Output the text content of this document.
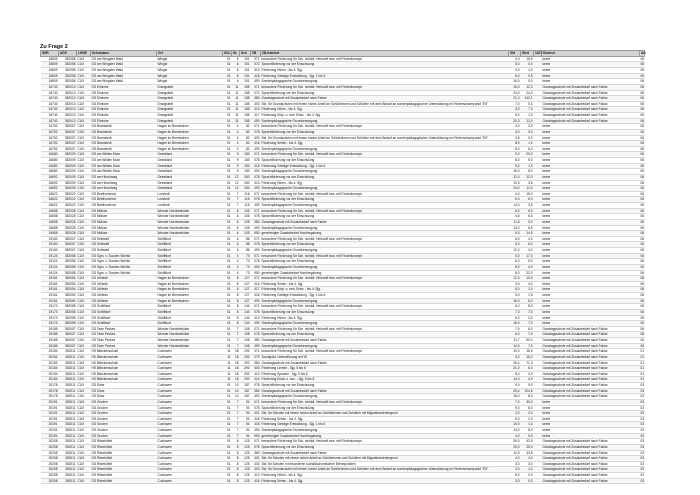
Zu Frage 2
SNR	AGS	LKNR	Schulname	Ort	SGL	KL	Sch	ZB	ZB-Klartext	Std	Wert	1427	Klartext	Art
16809	352058	CUX	GS am Wingster Wald	Wingst	01	6	151	071	besondere Förderung für Sch. nichtdt. Herkunft bzw. mit Förderkonzept	4,0	15,5		keine	06
16809	352058	CUX	GS am Wingster Wald	Wingst	01	6	151	072	Sprachförderung vor der Einschulung	5,0	0,0		keine	06
16809	352058	CUX	GS am Wingster Wald	Wingst	01	6	151	413	Förderung Hören - bis 4. Sjg.	3,0	1,0		keine	06
16809	352058	CUX	GS am Wingster Wald	Wingst	01	6	151	418	Förderung Geistige Entwicklung - Sjg. 1 bis 6	5,0	0,5		keine	06
16809	352058	CUX	GS am Wingster Wald	Wingst	01	6	151	490	Sonderpädagogische Grundversorgung	16,0	0,0		keine	06
16740	352013	CUX	GS Elmlohe	Drangstedt	01	11	185	071	besondere Förderung für Sch. nichtdt. Herkunft bzw. mit Förderkonzept	15,0	12,3		Ganztagsschule mit Zusatzbedarf nach Faktor	06
16740	352013	CUX	GS Elmlohe	Drangstedt	01	11	185	072	Sprachförderung vor der Einschulung	24,0	24,0		Ganztagsschule mit Zusatzbedarf nach Faktor	06
16740	352013	CUX	GS Elmlohe	Drangstedt	01	11	185	380	Ganztagsschule mit Zusatzbedarf nach Faktor	21,0	142,1		Ganztagsschule mit Zusatzbedarf nach Faktor	06
16740	352013	CUX	GS Elmlohe	Drangstedt	01	11	185	403	Std. für Grundschulen mit einem hohen Anteil an Schülerinnen und Schülern mit dem Bedarf an sonderpädagogischer Unterstützung im Förderschwerpunkt "ES"	7,0	0,3		Ganztagsschule mit Zusatzbedarf nach Faktor	06
16740	352013	CUX	GS Elmlohe	Drangstedt	01	11	185	413	Förderung Hören - bis 4. Sjg.	3,0	7,3		Ganztagsschule mit Zusatzbedarf nach Faktor	06
16740	352013	CUX	GS Elmlohe	Drangstedt	01	11	185	417	Förderung Körp. u. mot. Entw. - bis 4. Sjg.	5,0	1,0		Ganztagsschule mit Zusatzbedarf nach Faktor	06
16740	352013	CUX	GS Elmlohe	Drangstedt	01	11	185	490	Sonderpädagogische Grundversorgung	32,0	11,0		Ganztagsschule mit Zusatzbedarf nach Faktor	06
16752	352007	CUX	GS Bramstedt	Hagen im Bremischen	01	4	82	071	besondere Förderung für Sch. nichtdt. Herkunft bzw. mit Förderkonzept	3,0	3,3		keine	06
16752	352007	CUX	GS Bramstedt	Hagen im Bremischen	01	4	82	078	Sprachförderung vor der Einschulung	3,0	3,0		keine	06
16752	352007	CUX	GS Bramstedt	Hagen im Bremischen	01	4	82	403	Std. für Grundschulen mit einem hohen Anteil an Schülerinnen und Schülern mit dem Bedarf an sonderpädagogischer Unterstützung im Förderschwerpunkt "ES"	4,5	0,0		keine	06
16752	352007	CUX	GS Bramstedt	Hagen im Bremischen	01	4	82	416	Förderung Sehen - bis 4. Sjg.	8,0	1,2		keine	06
16752	352007	CUX	GS Bramstedt	Hagen im Bremischen	01	4	82	490	Sonderpädagogische Grundversorgung	8,0	6,3		keine	06
16680	352009	CUX	GS am Wilden Moor	Geestland	01	9	183	071	besondere Förderung für Sch. nichtdt. Herkunft bzw. mit Förderkonzept	9,0	20,0		keine	06
16680	352009	CUX	GS am Wilden Moor	Geestland	01	9	183	078	Sprachförderung vor der Einschulung	8,0	5,0		keine	06
16680	352009	CUX	GS am Wilden Moor	Geestland	01	9	183	418	Förderung Geistige Entwicklung - Sjg. 1 bis 6	5,0	1,5		keine	06
16680	352009	CUX	GS am Wilden Moor	Geestland	01	9	183	490	Sonderpädagogische Grundversorgung	16,0	8,0		keine	06
16692	352009	CUX	GS am Hirschweg	Geestland	01	12	260	078	Sprachförderung vor der Einschulung	12,0	12,0		keine	06
16692	352009	CUX	GS am Hirschweg	Geestland	01	12	260	413	Förderung Hören - bis 4. Sjg.	10,5	3,5		keine	06
16692	352009	CUX	GS am Hirschweg	Geestland	01	12	260	490	Sonderpädagogische Grundversorgung	24,0	11,0		keine	06
16622	352022	CUX	GS Beethovenstr.	Loxstedt	01	7	116	071	besondere Förderung für Sch. nichtdt. Herkunft bzw. mit Förderkonzept	4,0	15,0		keine	06
16622	352022	CUX	GS Beethovenstr.	Loxstedt	01	7	116	078	Sprachförderung vor der Einschulung	6,0	6,0		keine	06
16622	352022	CUX	GS Beethovenstr.	Loxstedt	01	7	116	490	Sonderpädagogische Grundversorgung	14,0	3,5		keine	06
16658	352028	CUX	GS Midlum	Wurster Nordseeküste	01	6	105	071	besondere Förderung für Sch. nichtdt. Herkunft bzw. mit Förderkonzept	6,0	6,0		keine	06
16658	352028	CUX	GS Midlum	Wurster Nordseeküste	01	6	105	078	Sprachförderung vor der Einschulung	4,6	6,5		keine	06
16658	352028	CUX	GS Midlum	Wurster Nordseeküste	01	6	105	380	Ganztagsschule mit Zusatzbedarf nach Faktor	11,6	0,0		keine	06
16658	352028	CUX	GS Midlum	Wurster Nordseeküste	01	6	105	490	Sonderpädagogische Grundversorgung	13,0	6,5		keine	06
16658	352028	CUX	GS Midlum	Wurster Nordseeküste	01	6	105	990	genehmigter Zusatzbedarf Hochbegabung	9,0	14,5		keine	06
19150	352007	CUX	GS Selbstell	Schiffdorf	01	6	86	071	besondere Förderung für Sch. nichtdt. Herkunft bzw. mit Förderkonzept	6,0	4,0		keine	06
19150	352007	CUX	GS Selbstell	Schiffdorf	01	6	86	078	Sprachförderung vor der Einschulung	5,0	6,0		keine	06
19150	352007	CUX	GS Selbstell	Schiffdorf	01	6	86	490	Sonderpädagogische Grundversorgung	12,0	4,0		keine	06
19124	352058	CUX	GS Sgm. v. Sooden Wohlst	Schiffdorf	01	4	73	071	besondere Förderung für Sch. nichtdt. Herkunft bzw. mit Förderkonzept	5,0	17,0		keine	06
19124	352058	CUX	GS Sgm. v. Sooden Wohlst	Schiffdorf	01	4	73	078	Sprachförderung vor der Einschulung	6,0	6,0		keine	06
19124	352058	CUX	GS Sgm. v. Sooden Wohlst	Schiffdorf	01	4	73	400	Sonderpädagogische Grundversorgung	8,0	4,0		keine	06
19124	352058	CUX	GS Sgm. v. Sooden Wohlst	Schiffdorf	01	4	73	990	genehmigter Zusatzbedarf Hochbegabung	8,0	22,0		keine	06
19161	352054	CUX	GS Uthlede	Hagen im Bremischen	01	8	127	071	besondere Förderung für Sch. nichtdt. Herkunft bzw. mit Förderkonzept	12,0	10,0		keine	06
19161	352054	CUX	GS Uthlede	Hagen im Bremischen	01	8	127	416	Förderung Sehen - bis 4. Sjg.	3,0	3,0		keine	06
19161	352054	CUX	GS Uthlede	Hagen im Bremischen	01	8	127	417	Förderung Körp. u. mot. Entw. - bis 4. Sjg.	5,0	1,0		keine	06
19161	352054	CUX	GS Uthlede	Hagen im Bremischen	01	8	127	418	Förderung Geistige Entwicklung - Sjg. 1 bis 6	5,0	1,5		keine	06
19161	352054	CUX	GS Uthlede	Hagen im Bremischen	01	8	127	490	Sonderpädagogische Grundversorgung	16,0	6,0		keine	06
19173	352058	CUX	GS Schiffdorf	Schiffdorf	01	8	144	071	besondere Förderung für Sch. nichtdt. Herkunft bzw. mit Förderkonzept	6,0	8,0		keine	06
19173	352058	CUX	GS Schiffdorf	Schiffdorf	01	8	144	078	Sprachförderung vor der Einschulung	7,0	7,0		keine	06
19173	352058	CUX	GS Schiffdorf	Schiffdorf	01	8	144	413	Förderung Hören - bis 4. Sjg.	6,0	2,0		keine	06
19173	352058	CUX	GS Schiffdorf	Schiffdorf	01	8	144	490	Sonderpädagogische Grundversorgung	16,0	7,0		keine	06
19185	352007	CUX	GS Tade Peckes	Wurster Nordseeküste	01	7	108	071	besondere Förderung für Sch. nichtdt. Herkunft bzw. mit Förderkonzept	7,0	6,0		Ganztagsschule mit Zusatzbedarf nach Faktor	06
19185	352007	CUX	GS Tade Peckes	Wurster Nordseeküste	01	7	108	078	Sprachförderung vor der Einschulung	6,0	7,0		Ganztagsschule mit Zusatzbedarf nach Faktor	06
19185	352007	CUX	GS Tade Peckes	Wurster Nordseeküste	01	7	108	380	Ganztagsschule mit Zusatzbedarf nach Faktor	11,7	50,4		Ganztagsschule mit Zusatzbedarf nach Faktor	06
19185	352007	CUX	GS Tade Peckes	Wurster Nordseeküste	01	7	108	490	Sonderpädagogische Grundversorgung	14,0	7,3		Ganztagsschule mit Zusatzbedarf nach Faktor	06
20154	352011	CUX	HS Bleickenschule	Cuxhaven	11	18	292	071	besondere Förderung für Sch. nichtdt. Herkunft bzw. mit Förderkonzept	10,0	16,5		Ganztagsschule mit Zusatzbedarf nach Faktor	01
20154	352011	CUX	HS Bleickenschule	Cuxhaven	11	18	292	079	Sozialpäd. Unterstützung an HS	3,0	15,0		Ganztagsschule mit Zusatzbedarf nach Faktor	01
20154	352011	CUX	HS Bleickenschule	Cuxhaven	11	18	292	380	Ganztagsschule mit Zusatzbedarf nach Faktor	25,4	71,3		Ganztagsschule mit Zusatzbedarf nach Faktor	01
20154	352011	CUX	HS Bleickenschule	Cuxhaven	11	18	292	403	Förderung Lernen - Sjg. 5 bis 8	21,0	6,0		Ganztagsschule mit Zusatzbedarf nach Faktor	01
20154	352011	CUX	HS Bleickenschule	Cuxhaven	11	18	292	412	Förderung Sprache - Sjg. 5 bis 8	8,0	2,0		Ganztagsschule mit Zusatzbedarf nach Faktor	01
20154	352011	CUX	HS Bleickenschule	Cuxhaven	11	18	292	414	Förderung Emot. u. soz. - Sjg. 5 bis 8	14,0	4,3		Ganztagsschule mit Zusatzbedarf nach Faktor	01
20178	352011	CUX	GS Döse	Cuxhaven	01	10	187	078	Sprachförderung vor der Einschulung	9,0	9,0		Ganztagsschule mit Zusatzbedarf nach Faktor	03
20178	352011	CUX	GS Döse	Cuxhaven	01	10	187	380	Ganztagsschule mit Zusatzbedarf nach Faktor	25,4	104,6		Ganztagsschule mit Zusatzbedarf nach Faktor	03
20178	352011	CUX	GS Döse	Cuxhaven	01	10	187	490	Sonderpädagogische Grundversorgung	18,0	8,3		Ganztagsschule mit Zusatzbedarf nach Faktor	03
20191	352011	CUX	GS Groden	Cuxhaven	01	7	94	071	besondere Förderung für Sch. nichtdt. Herkunft bzw. mit Förderkonzept	7,0	30,0		keine	03
20191	352011	CUX	GS Groden	Cuxhaven	01	7	94	078	Sprachförderung vor der Einschulung	9,0	6,0		keine	03
20191	352011	CUX	GS Groden	Cuxhaven	01	7	94	401	Std. für Schulen mit einem hohen Anteil an Schülerinnen und Schülern mit Migrationshintergrund	2,0	2,0		keine	03
20191	352011	CUX	GS Groden	Cuxhaven	01	7	94	416	Förderung Sehen - bis 4. Sjg.	6,0	2,3		keine	03
20191	352011	CUX	GS Groden	Cuxhaven	01	7	94	418	Förderung Geistige Entwicklung - Sjg. 1 bis 6	10,0	1,0		keine	03
20191	352011	CUX	GS Groden	Cuxhaven	01	7	94	490	Sonderpädagogische Grundversorgung	14,0	8,0		keine	03
20191	352011	CUX	GS Groden	Cuxhaven	01	7	94	990	genehmigter Zusatzbedarf Hochbegabung	4,0	0,0		keine	03
20208	352011	CUX	GS Ritzebüttel	Cuxhaven	01	8	125	071	besondere Förderung für Sch. nichtdt. Herkunft bzw. mit Förderkonzept	30,0	42,5		Ganztagsschule mit Zusatzbedarf nach Faktor	03
20208	352011	CUX	GS Ritzebüttel	Cuxhaven	01	8	125	078	Sprachförderung vor der Einschulung	25,0	25,0		Ganztagsschule mit Zusatzbedarf nach Faktor	03
20208	352011	CUX	GS Ritzebüttel	Cuxhaven	01	8	125	380	Ganztagsschule mit Zusatzbedarf nach Faktor	12,5	43,8		Ganztagsschule mit Zusatzbedarf nach Faktor	03
20208	352011	CUX	GS Ritzebüttel	Cuxhaven	01	8	125	401	Std. für Schulen mit einem hohen Anteil an Schülerinnen und Schülern mit Migrationshintergrund	4,0	4,0		Ganztagsschule mit Zusatzbedarf nach Faktor	03
20208	352011	CUX	GS Ritzebüttel	Cuxhaven	01	8	125	402	Std. für Schulen in besonderen sozialökonomischen Brennpunkten	3,0	3,0		Ganztagsschule mit Zusatzbedarf nach Faktor	03
20208	352011	CUX	GS Ritzebüttel	Cuxhaven	01	8	125	403	Std. für Grundschulen mit einem hohen Anteil an Schülerinnen und Schülern mit dem Bedarf an sonderpädagogischer Unterstützung im Förderschwerpunkt "ES"	3,0	1,0		Ganztagsschule mit Zusatzbedarf nach Faktor	03
20208	352011	CUX	GS Ritzebüttel	Cuxhaven	01	8	125	413	Förderung Hören - bis 4. Sjg.	6,0	0,3		Ganztagsschule mit Zusatzbedarf nach Faktor	03
20208	352011	CUX	GS Ritzebüttel	Cuxhaven	01	8	125	416	Förderung Sehen - bis 4. Sjg.	3,0	0,3		Ganztagsschule mit Zusatzbedarf nach Faktor	03
